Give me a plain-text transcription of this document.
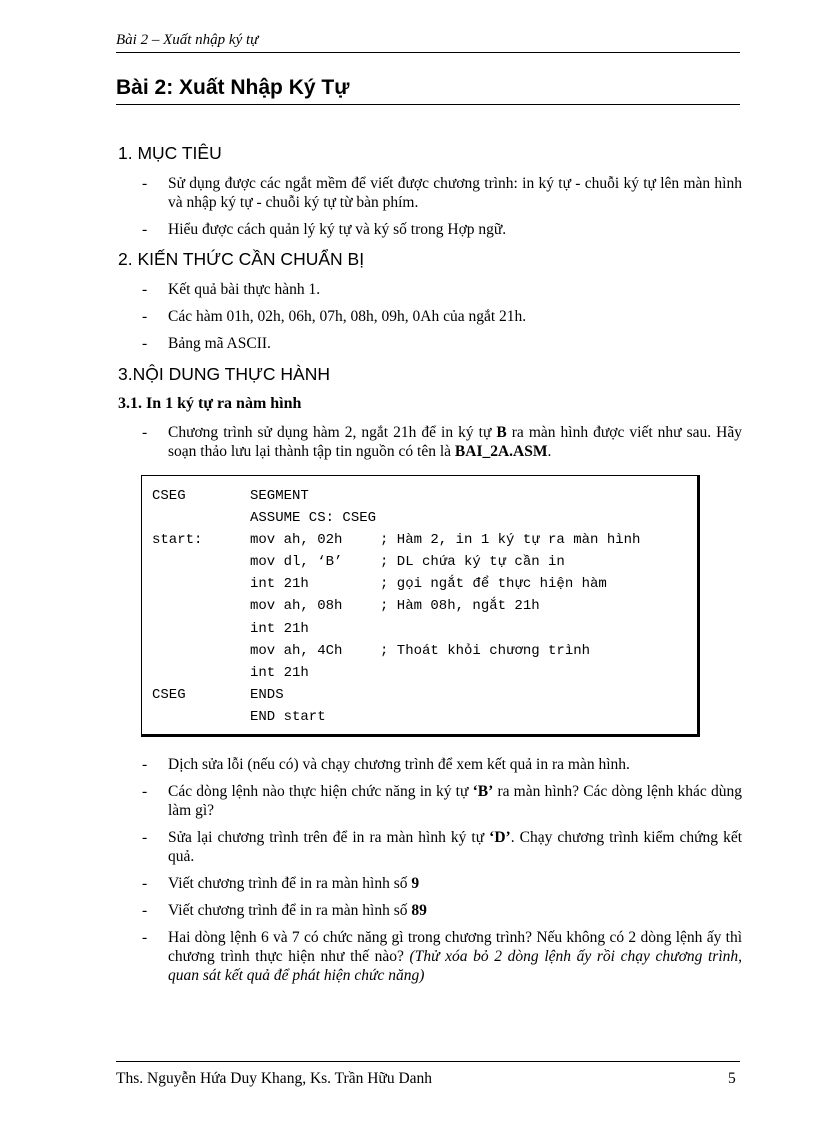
Bài 2 – Xuất nhập ký tự
Bài 2: Xuất Nhập Ký Tự
1. MỤC TIÊU
- Sử dụng được các ngắt mềm để viết được chương trình: in ký tự - chuỗi ký tự lên màn hình và nhập ký tự - chuỗi ký tự từ bàn phím.
- Hiểu được cách quản lý ký tự và ký số trong Hợp ngữ.
2. KIẾN THỨC CẦN CHUẨN BỊ
- Kết quả bài thực hành 1.
- Các hàm 01h, 02h, 06h, 07h, 08h, 09h, 0Ah của ngắt 21h.
- Bảng mã ASCII.
3.NỘI DUNG THỰC HÀNH
3.1. In 1 ký tự ra nàm hình
- Chương trình sử dụng hàm 2, ngắt 21h để in ký tự B ra màn hình được viết như sau. Hãy soạn thảo lưu lại thành tập tin nguồn có tên là BAI_2A.ASM.
CSEG	SEGMENT
ASSUME CS: CSEG
start:	mov ah, 02h	; Hàm 2, in 1 ký tự ra màn hình
mov dl, ‘B’	; DL chứa ký tự cần in
int 21h	; gọi ngắt để thực hiện hàm
mov ah, 08h	; Hàm 08h, ngắt 21h
int 21h
mov ah, 4Ch	; Thoát khỏi chương trình
int 21h
CSEG	ENDS
END start
- Dịch sửa lỗi (nếu có) và chạy chương trình để xem kết quả in ra màn hình.
- Các dòng lệnh nào thực hiện chức năng in ký tự ‘B’ ra màn hình? Các dòng lệnh khác dùng làm gì?
- Sửa lại chương trình trên để in ra màn hình ký tự ‘D’. Chạy chương trình kiểm chứng kết quả.
- Viết chương trình để in ra màn hình số 9
- Viết chương trình để in ra màn hình số 89
- Hai dòng lệnh 6 và 7 có chức năng gì trong chương trình? Nếu không có 2 dòng lệnh ấy thì chương trình thực hiện như thế nào? (Thử xóa bỏ 2 dòng lệnh ấy rồi chạy chương trình, quan sát kết quả để phát hiện chức năng)
Ths. Nguyễn Hứa Duy Khang, Ks. Trần Hữu Danh	5
